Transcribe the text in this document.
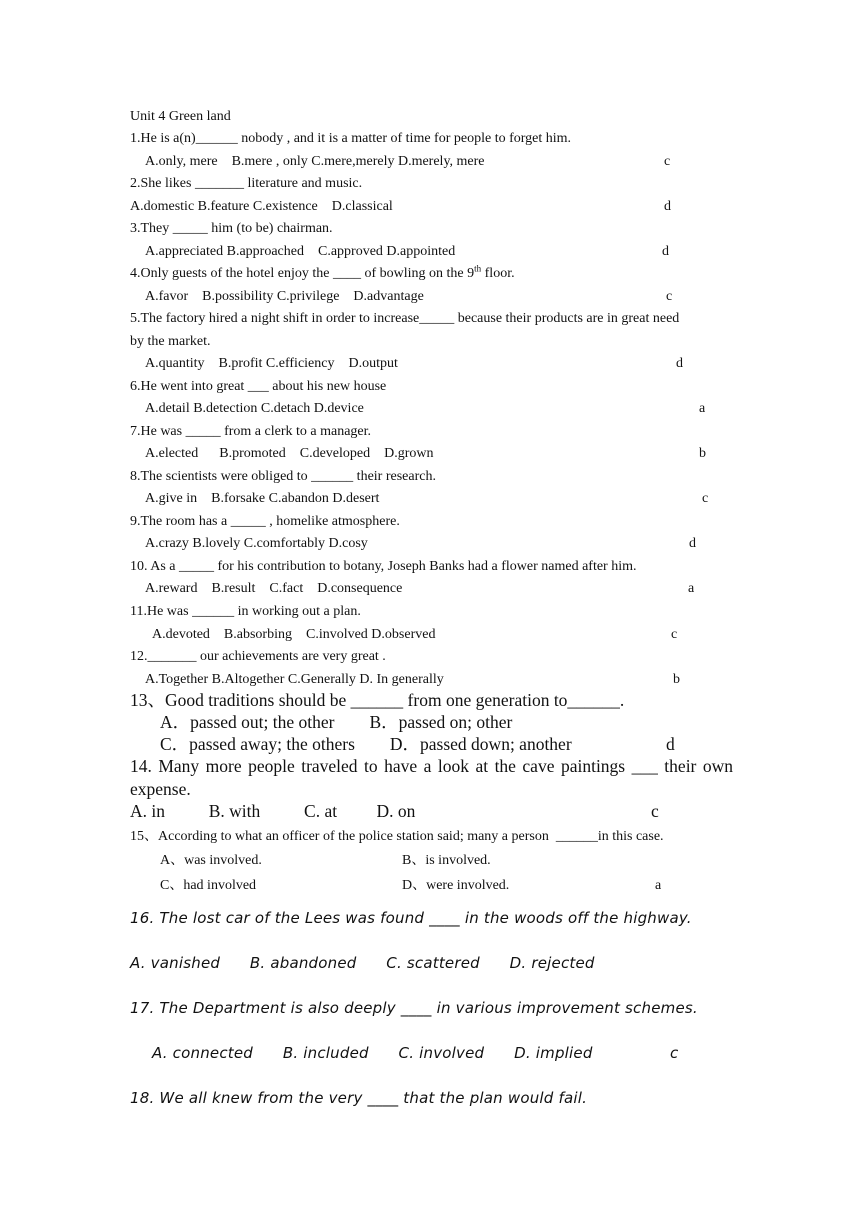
Unit 4 Green land
1.He is a(n)______ nobody , and it is a matter of time for people to forget him.
A.only, mere    B.mere , only C.mere,merely D.merely, mere	c
2.She likes _______ literature and music.
A.domestic B.feature C.existence    D.classical	d
3.They _____ him (to be) chairman.
A.appreciated B.approached    C.approved D.appointed	d
4.Only guests of the hotel enjoy the ____ of bowling on the 9th floor.
A.favor    B.possibility C.privilege    D.advantage	c
5.The factory hired a night shift in order to increase_____ because their products are in great need
by the market.
A.quantity    B.profit C.efficiency    D.output	d
6.He went into great ___ about his new house
A.detail B.detection C.detach D.device	a
7.He was _____ from a clerk to a manager.
A.elected      B.promoted    C.developed    D.grown	b
8.The scientists were obliged to ______ their research.
A.give in    B.forsake C.abandon D.desert	c
9.The room has a _____ , homelike atmosphere.
A.crazy B.lovely C.comfortably D.cosy	d
10. As a _____ for his contribution to botany, Joseph Banks had a flower named after him.
A.reward    B.result    C.fact    D.consequence	a
11.He was ______ in working out a plan.
A.devoted    B.absorbing    C.involved D.observed	c
12._______ our achievements are very great .
A.Together B.Altogether C.Generally D. In generally	b
13、Good traditions should be ______ from one generation to______.
A．passed out; the other        B．passed on; other
C．passed away; the others        D．passed down; another	d
14. Many more people traveled to have a look at the cave paintings ___ their own
expense.
A. in          B. with          C. at         D. on	c
15、According to what an officer of the police station said; many a person  ______in this case.
A、was involved.	B、is involved.
C、had involved	D、were involved.	a
16. The lost car of the Lees was found ____ in the woods off the highway.
A. vanished      B. abandoned      C. scattered      D. rejected
17. The Department is also deeply ____ in various improvement schemes.
A. connected      B. included      C. involved      D. implied	c
18. We all knew from the very ____ that the plan would fail.
